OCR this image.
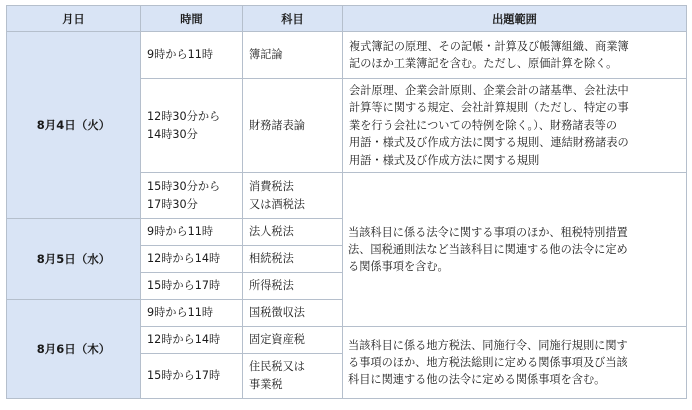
月日	時間	科目	出題範囲
8月4日（火）	9時から11時	簿記論	複式簿記の原理、その記帳・計算及び帳簿組織、商業簿
記のほか工業簿記を含む。ただし、原価計算を除く。
	12時30分から
14時30分	財務諸表論	会計原理、企業会計原則、企業会計の諸基準、会社法中
計算等に関する規定、会社計算規則（ただし、特定の事
業を行う会社についての特例を除く。）、財務諸表等の
用語・様式及び作成方法に関する規則、連結財務諸表の
用語・様式及び作成方法に関する規則
	15時30分から
17時30分	消費税法
又は酒税法	当該科目に係る法令に関する事項のほか、租税特別措置
法、国税通則法など当該科目に関連する他の法令に定め
る関係事項を含む。
8月5日（水）	9時から11時	法人税法	
	12時から14時	相続税法	
	15時から17時	所得税法	
8月6日（木）	9時から11時	国税徴収法	
	12時から14時	固定資産税	当該科目に係る地方税法、同施行令、同施行規則に関す
る事項のほか、地方税法総則に定める関係事項及び当該
科目に関連する他の法令に定める関係事項を含む。
	15時から17時	住民税又は
事業税	
